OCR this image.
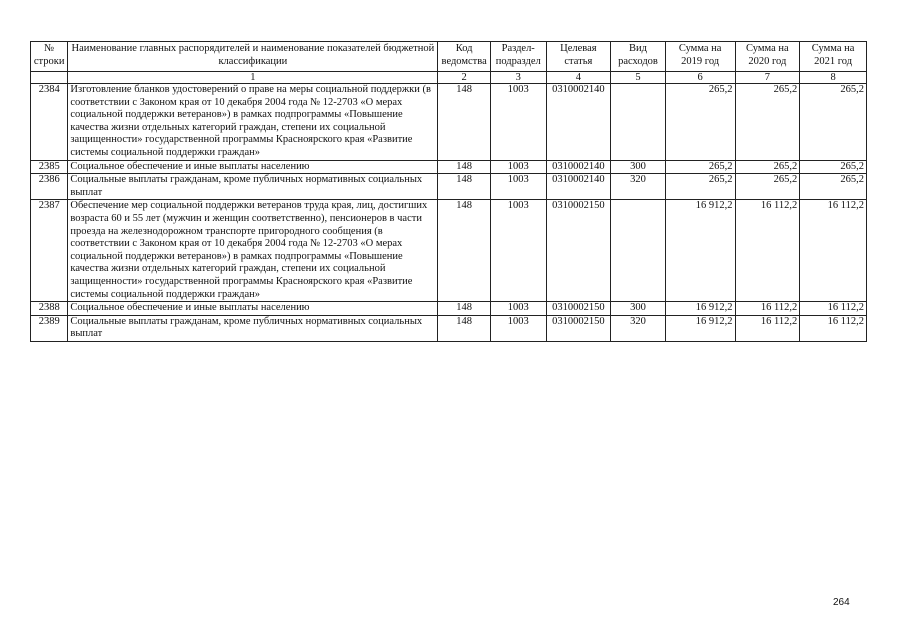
№ строки	Наименование главных распорядителей и наименование показателей бюджетной классификации	Код ведомства	Раздел- подраздел	Целевая статья	Вид расходов	Сумма на 2019 год	Сумма на 2020 год	Сумма на 2021 год
	1	2	3	4	5	6	7	8
2384	Изготовление бланков удостоверений о праве на меры социальной поддержки (в соответствии с Законом края от 10 декабря 2004 года № 12-2703 «О мерах социальной поддержки ветеранов») в рамках подпрограммы «Повышение качества жизни отдельных категорий граждан, степени их социальной защищенности» государственной программы Красноярского края «Развитие системы социальной поддержки граждан»	148	1003	0310002140		265,2	265,2	265,2
2385	Социальное обеспечение и иные выплаты населению	148	1003	0310002140	300	265,2	265,2	265,2
2386	Социальные выплаты гражданам, кроме публичных нормативных социальных выплат	148	1003	0310002140	320	265,2	265,2	265,2
2387	Обеспечение мер социальной поддержки ветеранов труда края, лиц, достигших возраста 60 и 55 лет (мужчин и женщин соответственно), пенсионеров в части проезда на железнодорожном транспорте пригородного сообщения (в соответствии с Законом края от 10 декабря 2004 года № 12-2703 «О мерах социальной поддержки ветеранов») в рамках подпрограммы «Повышение качества жизни отдельных категорий граждан, степени их социальной защищенности» государственной программы Красноярского края «Развитие системы социальной поддержки граждан»	148	1003	0310002150		16 912,2	16 112,2	16 112,2
2388	Социальное обеспечение и иные выплаты населению	148	1003	0310002150	300	16 912,2	16 112,2	16 112,2
2389	Социальные выплаты гражданам, кроме публичных нормативных социальных выплат	148	1003	0310002150	320	16 912,2	16 112,2	16 112,2
264
